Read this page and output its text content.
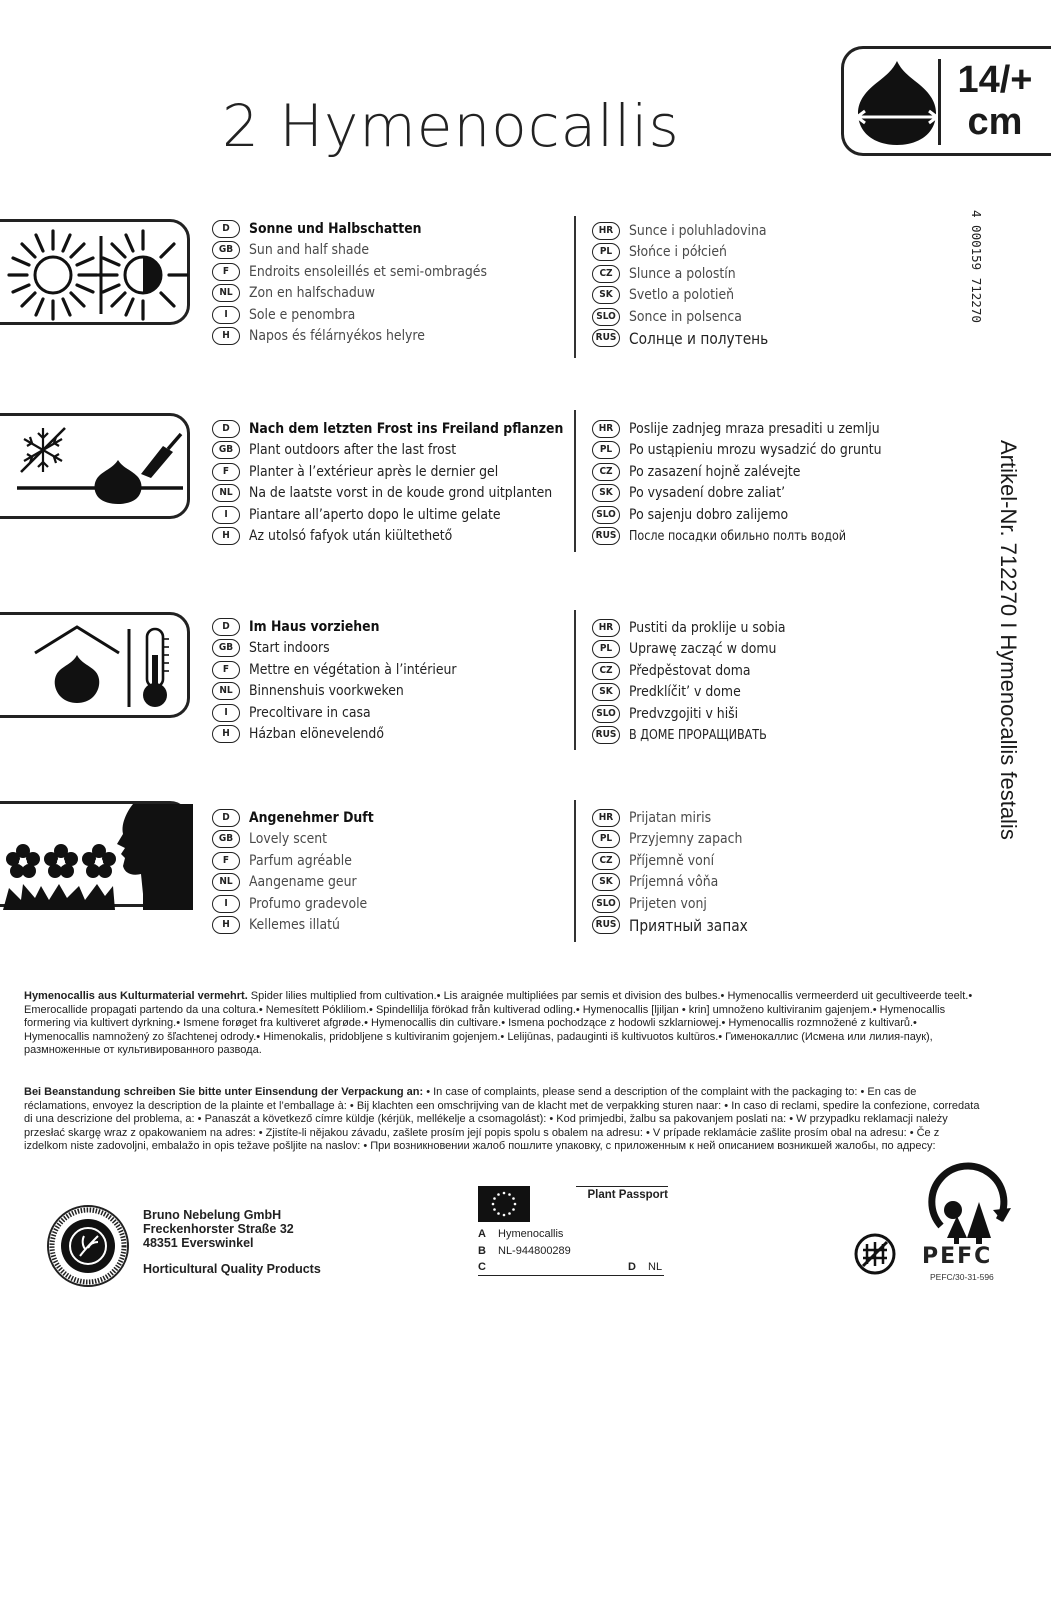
2 Hymenocallis
14/+
cm
4 000159 712270
Artikel-Nr. 712270 I Hymenocallis festalis
D	Sonne und Halbschatten
GB	Sun and half shade
F	Endroits ensoleillés et semi-ombragés
NL	Zon en halfschaduw
I	Sole e penombra
H	Napos és félárnyékos helyre
HR	Sunce i poluhladovina
PL	Słońce i półcień
CZ	Slunce a polostín
SK	Svetlo a polotieň
SLO Sonce in polsenca
RUS Солнце и полутень
D	Nach dem letzten Frost ins Freiland pflanzen
GB	Plant outdoors after the last frost
F	Planter à l’extérieur après le dernier gel
NL	Na de laatste vorst in de koude grond uitplanten
I	Piantare all’aperto dopo le ultime gelate
H	Az utolsó fafyok után kiültethető
HR	Poslije zadnjeg mraza presaditi u zemlju
PL	Po ustąpieniu mrozu wysadzić do gruntu
CZ	Po zasazení hojně zalévejte
SK	Po vysadení dobre zaliat’
SLO Po sajenju dobro zalijemo
RUS После посадки обильно полть водой
D	Im Haus vorziehen
GB	Start indoors
F	Mettre en végétation à l’intérieur
NL	Binnenshuis voorkweken
I	Precoltivare in casa
H	Házban elönevelendő
HR	Pustiti da proklije u sobia
PL	Uprawę zacząć w domu
CZ	Předpěstovat doma
SK	Predklíčit’ v dome
SLO Predvzgojiti v hiši
RUS В ДОМЕ ПРОРАЩИВАТЬ
D	Angenehmer Duft
GB	Lovely scent
F	Parfum agréable
NL	Aangename geur
I	Profumo gradevole
H	Kellemes illatú
HR	Prijatan miris
PL	Przyjemny zapach
CZ	Příjemně voní
SK	Príjemná vôňa
SLO Prijeten vonj
RUS Приятный запах
Hymenocallis aus Kulturmaterial vermehrt. Spider lilies multiplied from cultivation.• Lis araignée multipliées par semis et division des bulbes.• Hymenocallis vermeerderd uit gecultiveerde teelt.• Emerocallide propagati partendo da una coltura.• Nemesített Pókliliom.• Spindellilja förökad från kultiverad odling.• Hymenocallis [ljiljan • krin] umnoženo kultiviranim gajenjem.• Hymenocallis formering via kultivert dyrkning.• Ismene forøget fra kultiveret afgrøde.• Hymenocallis din cultivare.• Ismena pochodzące z hodowli szklarniowej.• Hymenocallis rozmnožené z kultivarů.• Hymenocallis namnožený zo šľachtenej odrody.• Himenokalis, pridobljene s kultiviranim gojenjem.• Lelijūnas, padauginti iš kultivuotos kultūros.• Гименокаллис (Исмена или лилия-паук), размноженные от культивированного развода.
Bei Beanstandung schreiben Sie bitte unter Einsendung der Verpackung an: • In case of complaints, please send a description of the complaint with the packaging to: • En cas de réclamations, envoyez la description de la plainte et l’emballage à: • Bij klachten een omschrijving van de klacht met de verpakking sturen naar: • In caso di reclami, spedire la confezione, corredata di una descrizione del problema, a: • Panaszát a következő címre küldje (kérjük, mellékelje a csomagolást): • Kod primjedbi, žalbu sa pakovanjem poslati na: • W przypadku reklamacji należy przesłać skargę wraz z opakowaniem na adres: • Zjistíte-li nějakou závadu, zašlete prosím její popis spolu s obalem na adresu: • V prípade reklamácie zašlite prosím obal na adresu: • Če z izdelkom niste zadovoljni, embalažo in opis težave pošljite na naslov: • При возникновении жалоб пошлите упаковку, с приложенным к ней описанием возникшей жалобы, по адресу:
Bruno Nebelung GmbH
Freckenhorster Straße 32
48351 Everswinkel
Horticultural Quality Products
Plant Passport
A Hymenocallis
B NL-944800289
C	D NL	PEFC
PEFC/30-31-596
